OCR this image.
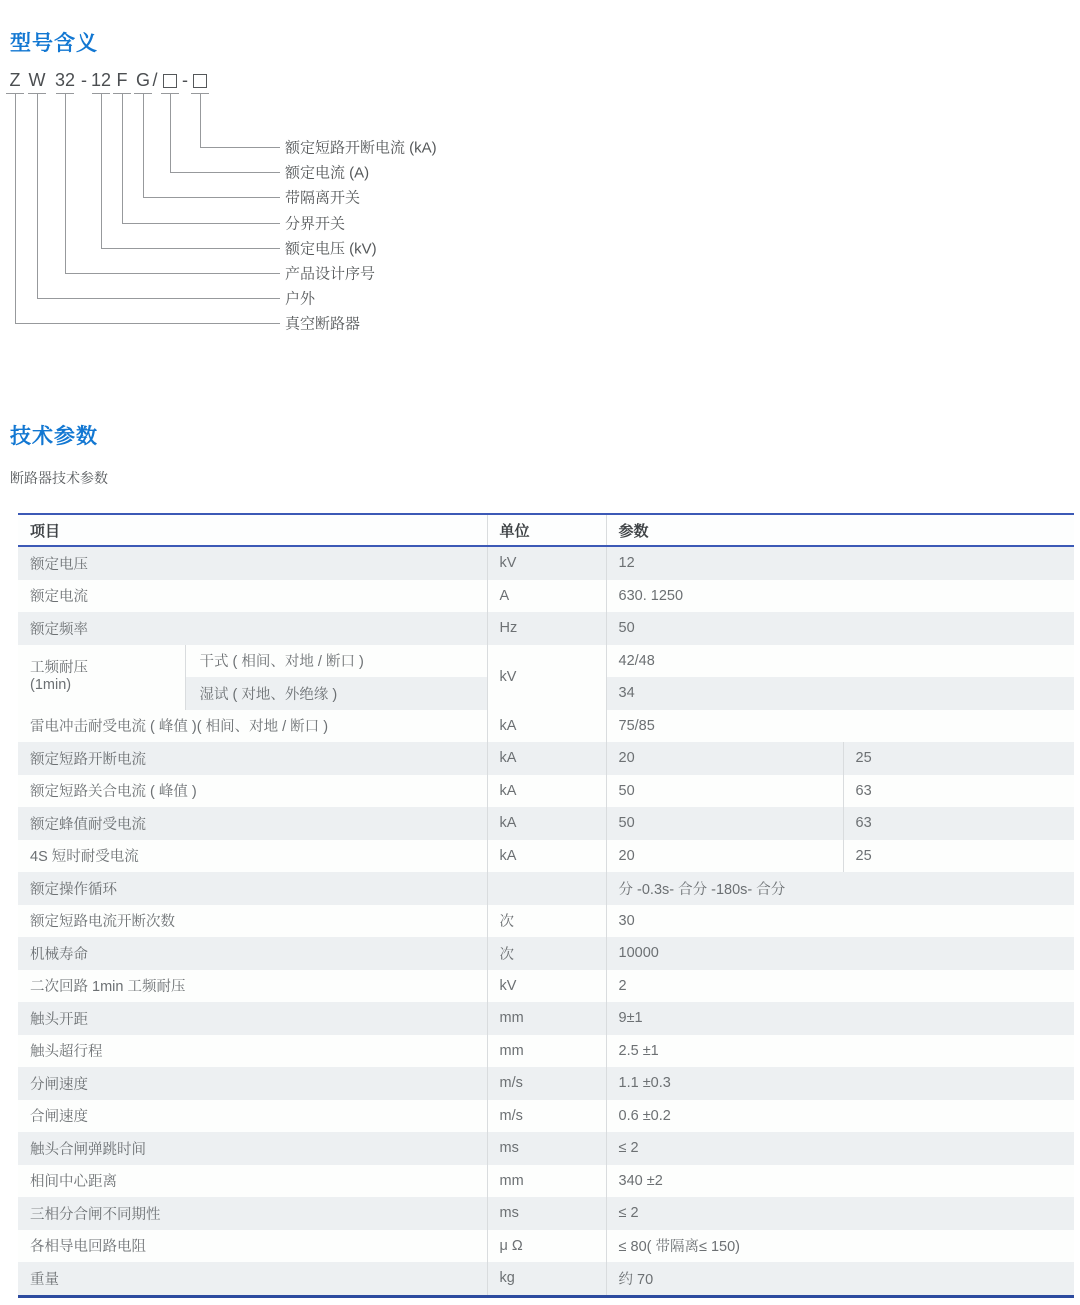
型号含义
Z W 32 - 12 F G / -
额定短路开断电流 (kA)
额定电流 (A)
带隔离开关
分界开关
额定电压 (kV)
产品设计序号
户外
真空断路器
技术参数

断路器技术参数

项目		单位	参数	
额定电压		kV	12	
额定电流		A	630. 1250	
额定频率		Hz	50	

工频耐压
(1min)	干式 ( 相间、对地 / 断口 )	kV	42/48	
	湿试 ( 对地、外绝缘 )		34	
雷电冲击耐受电流 ( 峰值 )( 相间、对地 / 断口 )		kA	75/85	
额定短路开断电流		kA	20	25
额定短路关合电流 ( 峰值 )		kA	50	63
额定蜂值耐受电流		kA	50	63
4S 短时耐受电流		kA	20	25
额定操作循环			分 -0.3s- 合分 -180s- 合分	
额定短路电流开断次数		次	30	
机械寿命		次	10000	
二次回路 1min 工频耐压		kV	2	
触头开距		mm	9±1	
触头超行程		mm	2.5 ±1	
分闸速度		m/s	1.1 ±0.3	
合闸速度		m/s	0.6 ±0.2	
触头合闸弹跳时间		ms	≤ 2	
相间中心距离		mm	340 ±2	
三相分合闸不同期性		ms	≤ 2	
各相导电回路电阻		μ Ω	≤ 80( 带隔离≤ 150)	
重量		kg	约 70	
